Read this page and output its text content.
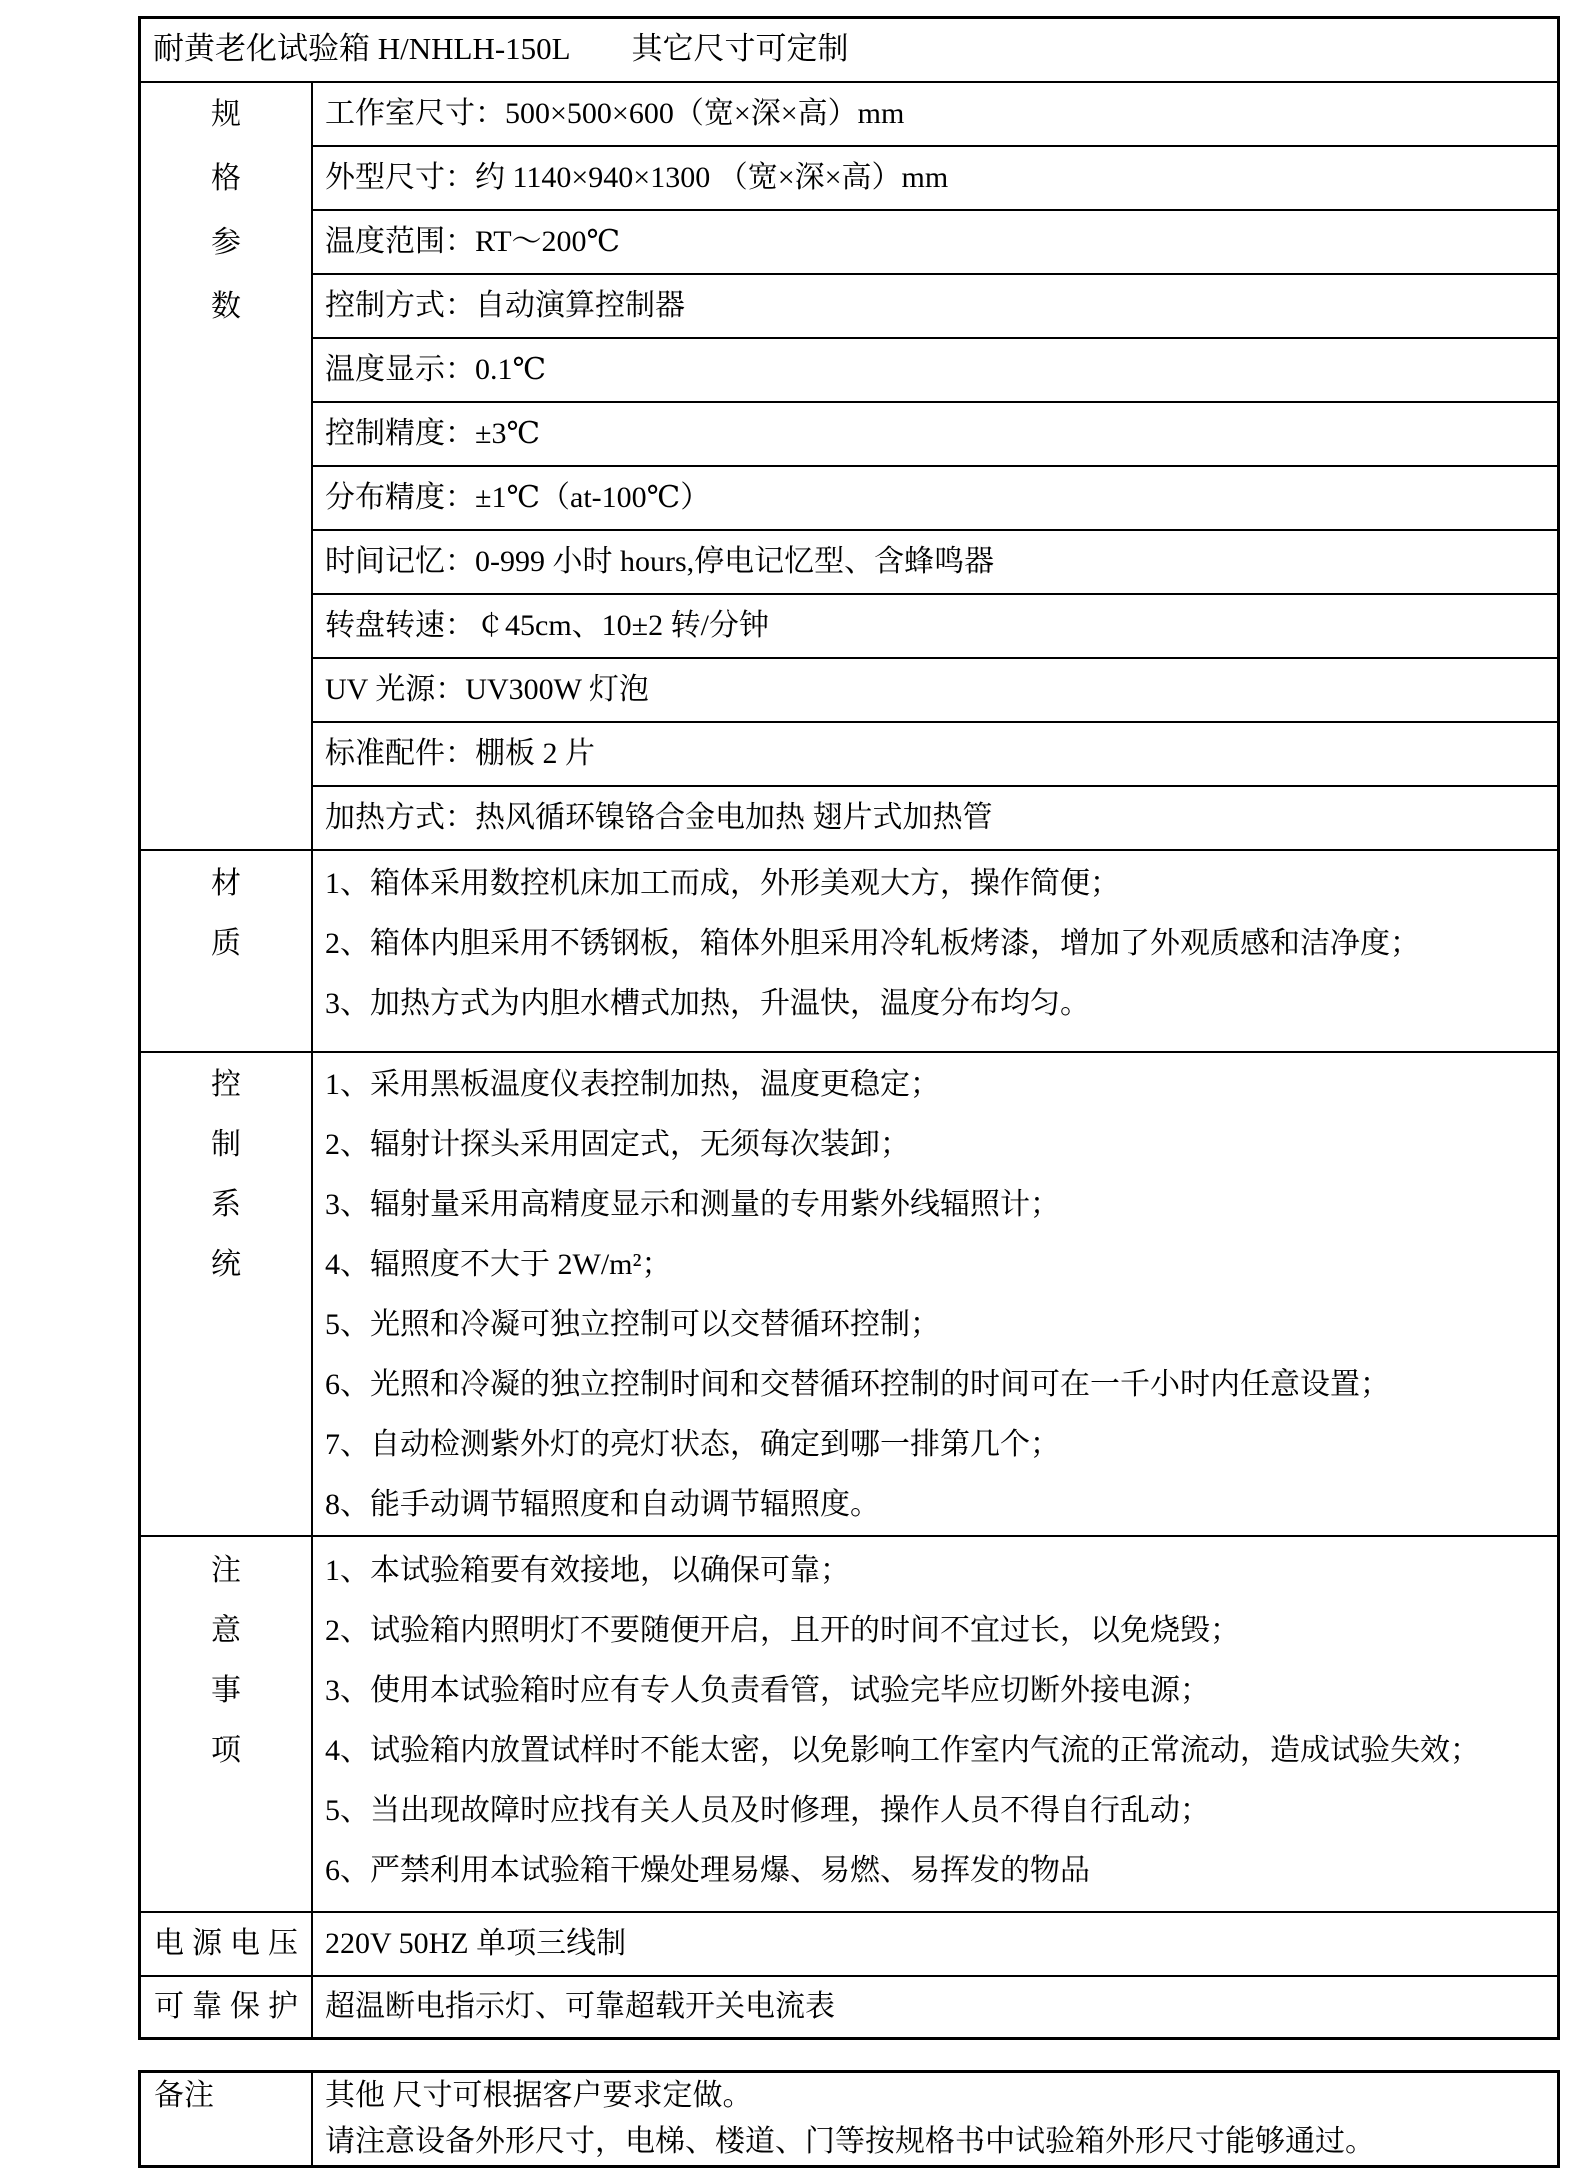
耐黄老化试验箱 H/NHLH-150L　　其它尺寸可定制
规
格
参
数
工作室尺寸：500×500×600（宽×深×高）mm
外型尺寸：约 1140×940×1300 （宽×深×高）mm
温度范围：RT～200℃
控制方式：自动演算控制器
温度显示：0.1℃
控制精度：±3℃
分布精度：±1℃（at-100℃）
时间记忆：0-999 小时 hours,停电记忆型、含蜂鸣器
转盘转速：￠45cm、10±2 转/分钟
UV 光源：UV300W 灯泡
标准配件：棚板 2 片
加热方式：热风循环镍铬合金电加热 翅片式加热管
材
质
1、箱体采用数控机床加工而成，外形美观大方，操作简便；
2、箱体内胆采用不锈钢板，箱体外胆采用冷轧板烤漆，增加了外观质感和洁净度；
3、加热方式为内胆水槽式加热，升温快，温度分布均匀。
控
制
系
统
1、采用黑板温度仪表控制加热，温度更稳定；
2、辐射计探头采用固定式，无须每次装卸；
3、辐射量采用高精度显示和测量的专用紫外线辐照计；
4、辐照度不大于 2W/m²；
5、光照和冷凝可独立控制可以交替循环控制；
6、光照和冷凝的独立控制时间和交替循环控制的时间可在一千小时内任意设置；
7、自动检测紫外灯的亮灯状态，确定到哪一排第几个；
8、能手动调节辐照度和自动调节辐照度。
注
意
事
项
1、本试验箱要有效接地，以确保可靠；
2、试验箱内照明灯不要随便开启，且开的时间不宜过长，以免烧毁；
3、使用本试验箱时应有专人负责看管，试验完毕应切断外接电源；
4、试验箱内放置试样时不能太密，以免影响工作室内气流的正常流动，造成试验失效；
5、当出现故障时应找有关人员及时修理，操作人员不得自行乱动；
6、严禁利用本试验箱干燥处理易爆、易燃、易挥发的物品
电源电压 220V 50HZ 单项三线制
可靠保护 超温断电指示灯、可靠超载开关电流表
备注	其他 尺寸可根据客户要求定做。
请注意设备外形尺寸，电梯、楼道、门等按规格书中试验箱外形尺寸能够通过。
